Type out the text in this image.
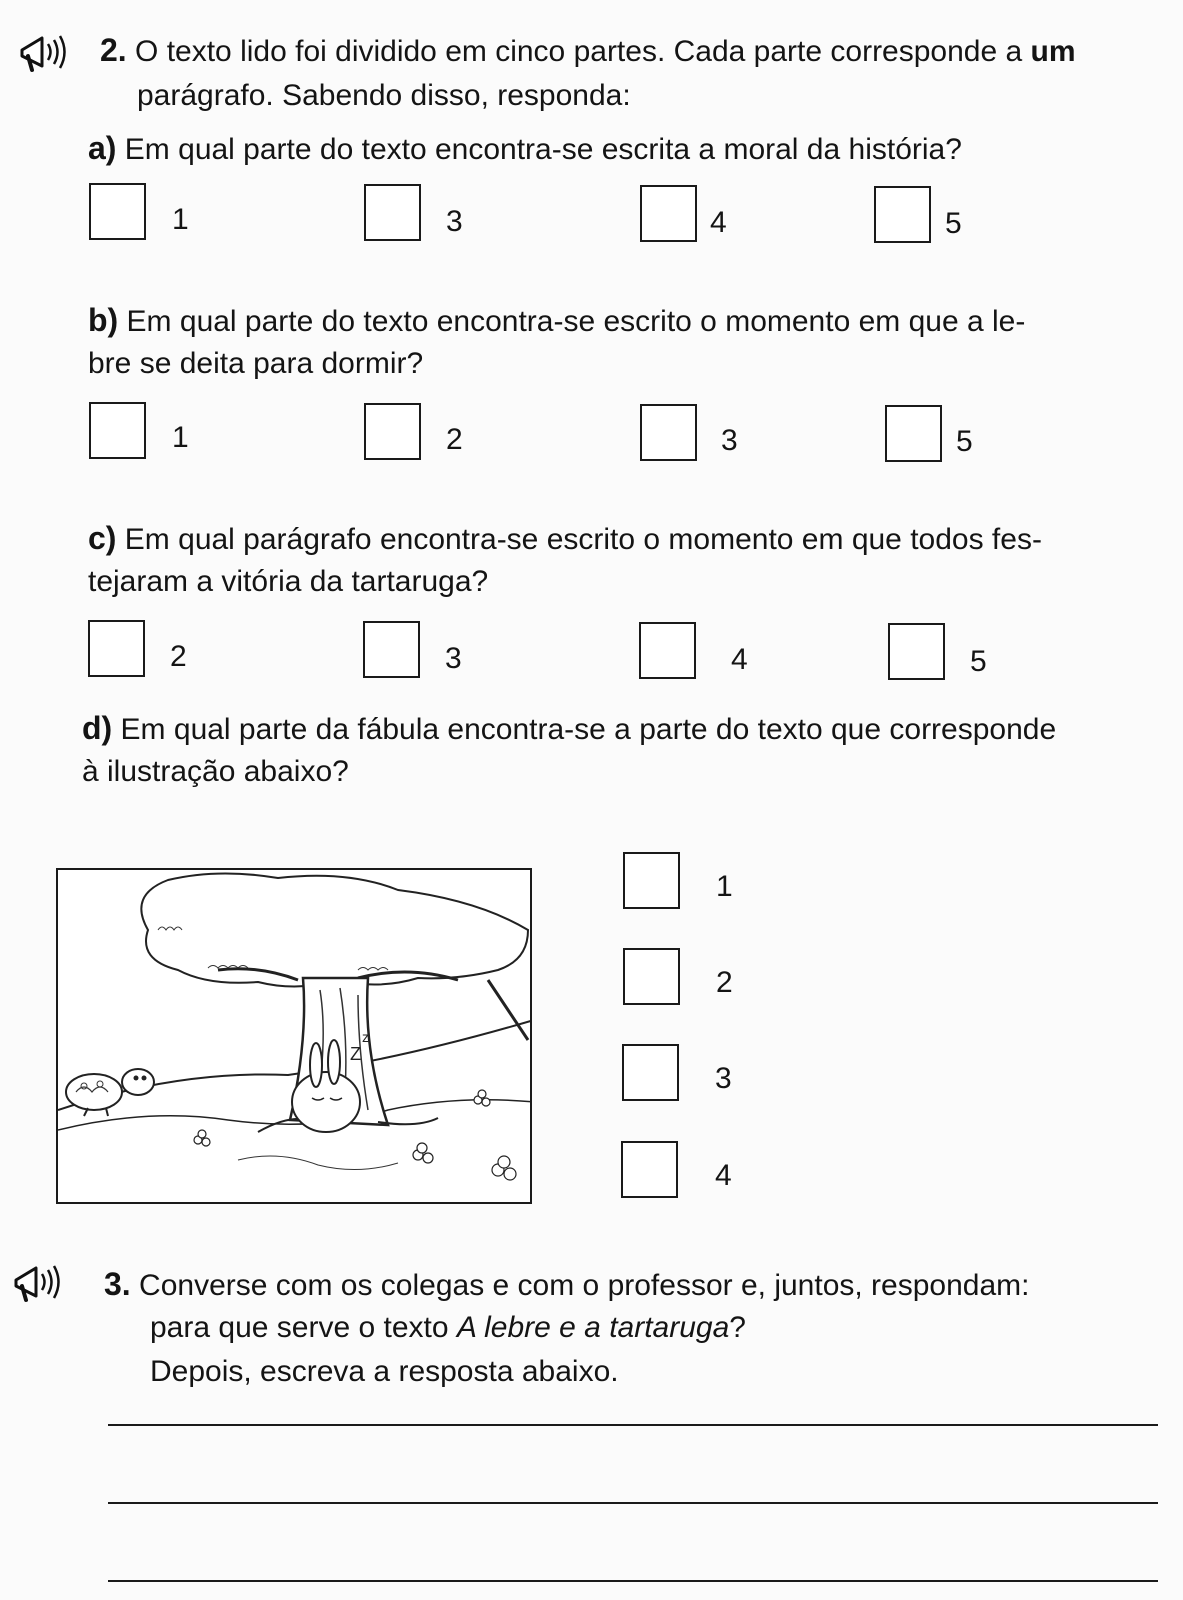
2. O texto lido foi dividido em cinco partes. Cada parte corresponde a um
parágrafo. Sabendo disso, responda:
a) Em qual parte do texto encontra-se escrita a moral da história?
1	3	4	5
b) Em qual parte do texto encontra-se escrito o momento em que a le-
bre se deita para dormir?
1	2	3	5
c) Em qual parágrafo encontra-se escrito o momento em que todos fes-
tejaram a vitória da tartaruga?
2	3	4	5
d) Em qual parte da fábula encontra-se a parte do texto que corresponde
à ilustração abaixo?
Z
z
1
2
3
4
3. Converse com os colegas e com o professor e, juntos, respondam:
para que serve o texto A lebre e a tartaruga?
Depois, escreva a resposta abaixo.
